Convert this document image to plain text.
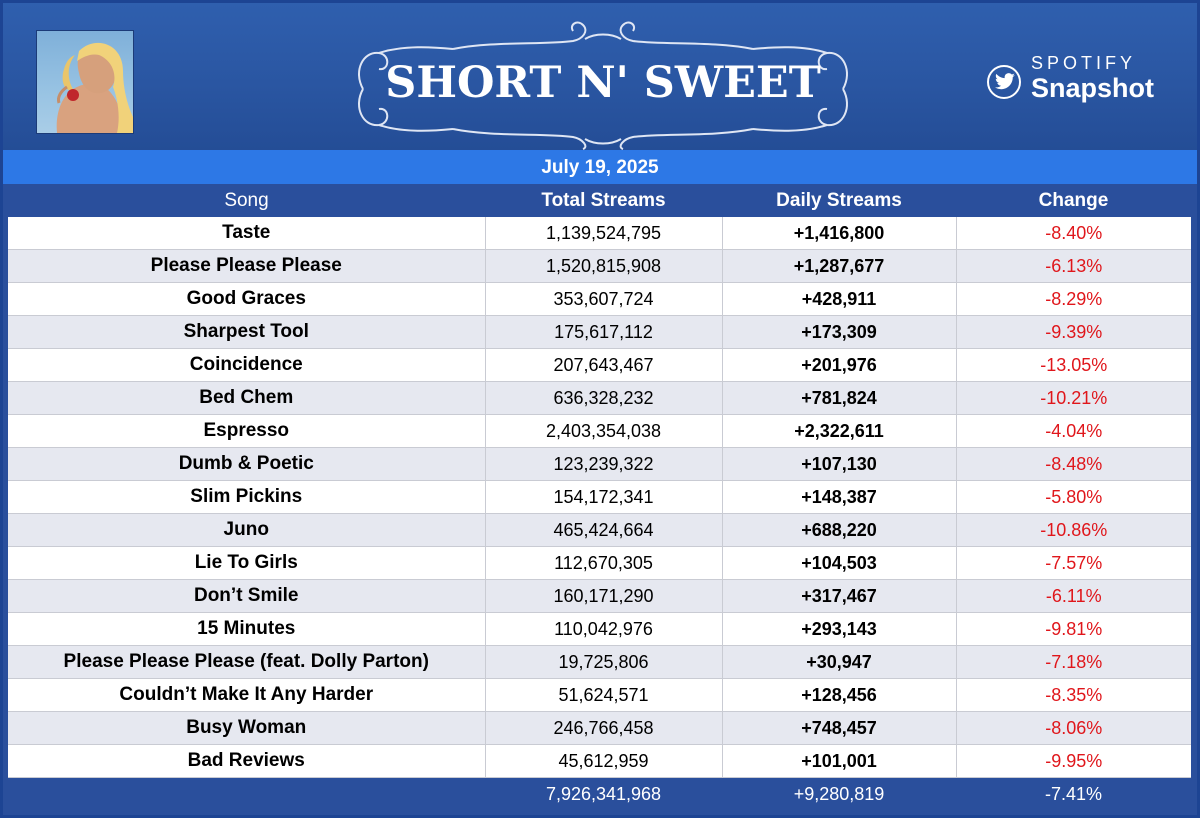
SHORT N' SWEET	SPOTIFY
Snapshot
July 19, 2025
Song	Total Streams	Daily Streams	Change
Taste	1,139,524,795	+1,416,800	-8.40%
Please Please Please	1,520,815,908	+1,287,677	-6.13%
Good Graces	353,607,724	+428,911	-8.29%
Sharpest Tool	175,617,112	+173,309	-9.39%
Coincidence	207,643,467	+201,976	-13.05%
Bed Chem	636,328,232	+781,824	-10.21%
Espresso	2,403,354,038	+2,322,611	-4.04%
Dumb & Poetic	123,239,322	+107,130	-8.48%
Slim Pickins	154,172,341	+148,387	-5.80%
Juno	465,424,664	+688,220	-10.86%
Lie To Girls	112,670,305	+104,503	-7.57%
Don’t Smile	160,171,290	+317,467	-6.11%
15 Minutes	110,042,976	+293,143	-9.81%
Please Please Please (feat. Dolly Parton)	19,725,806	+30,947	-7.18%
Couldn’t Make It Any Harder	51,624,571	+128,456	-8.35%
Busy Woman	246,766,458	+748,457	-8.06%
Bad Reviews	45,612,959	+101,001	-9.95%
	7,926,341,968	+9,280,819	-7.41%
